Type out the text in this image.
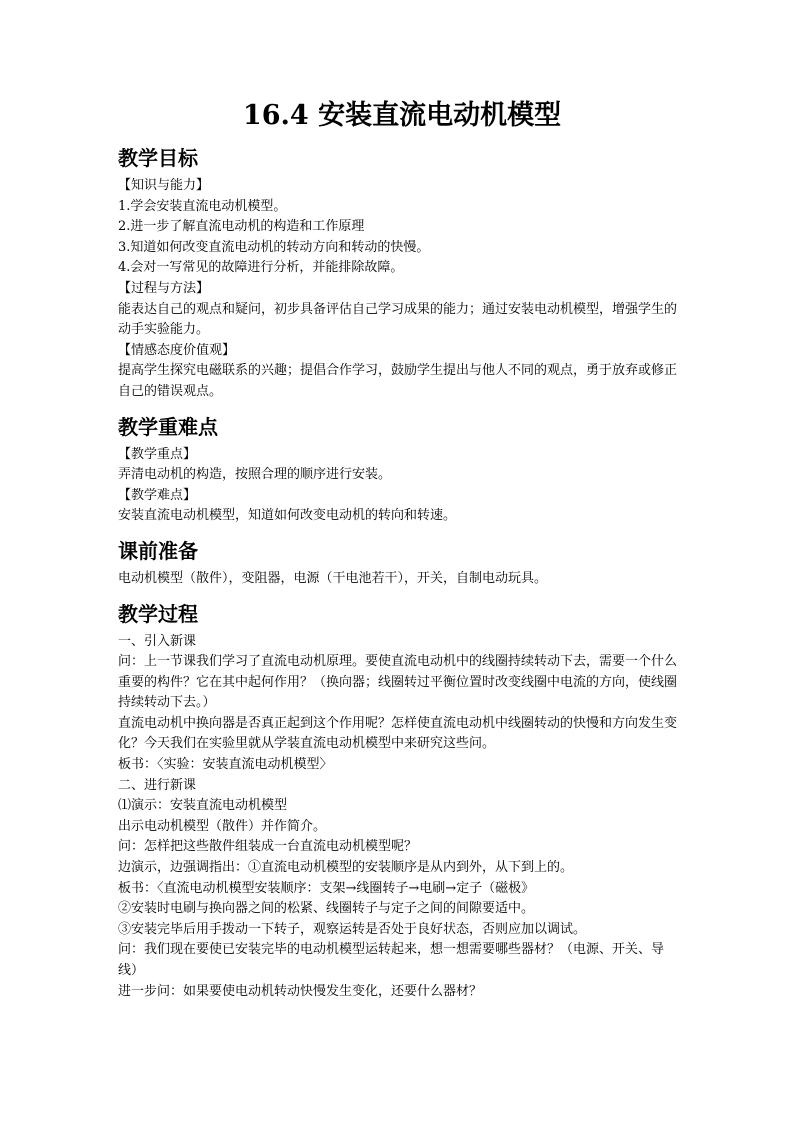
16.4 安装直流电动机模型
教学目标

【知识与能力】

1.学会安装直流电动机模型。

2.进一步了解直流电动机的构造和工作原理

3.知道如何改变直流电动机的转动方向和转动的快慢。

4.会对一写常见的故障进行分析，并能排除故障。

【过程与方法】

能表达自己的观点和疑问，初步具备评估自己学习成果的能力；通过安装电动机模型，增强学生的动手实验能力。

【情感态度价值观】

提高学生探究电磁联系的兴趣；提倡合作学习，鼓励学生提出与他人不同的观点，勇于放弃或修正自己的错误观点。

教学重难点

【教学重点】

弄清电动机的构造，按照合理的顺序进行安装。

【教学难点】

安装直流电动机模型，知道如何改变电动机的转向和转速。

课前准备

电动机模型（散件），变阻器，电源（干电池若干），开关，自制电动玩具。

教学过程

一、引入新课

问：上一节课我们学习了直流电动机原理。要使直流电动机中的线圈持续转动下去，需要一个什么重要的构件？它在其中起何作用？（换向器；线圈转过平衡位置时改变线圈中电流的方向，使线圈持续转动下去。）

直流电动机中换向器是否真正起到这个作用呢？怎样使直流电动机中线圈转动的快慢和方向发生变化？今天我们在实验里就从学装直流电动机模型中来研究这些问。

板书：〈实验：安装直流电动机模型〉

二、进行新课

⑴演示：安装直流电动机模型

出示电动机模型（散件）并作简介。

问：怎样把这些散件组装成一台直流电动机模型呢？

边演示，边强调指出：①直流电动机模型的安装顺序是从内到外，从下到上的。

板书：〈直流电动机模型安装顺序：支架→线圈转子→电刷→定子（磁极》

②安装时电刷与换向器之间的松紧、线圈转子与定子之间的间隙要适中。

③安装完毕后用手拨动一下转子，观察运转是否处于良好状态，否则应加以调试。

问：我们现在要使已安装完毕的电动机模型运转起来，想一想需要哪些器材？（电源、开关、导线）

进一步问：如果要使电动机转动快慢发生变化，还要什么器材？
